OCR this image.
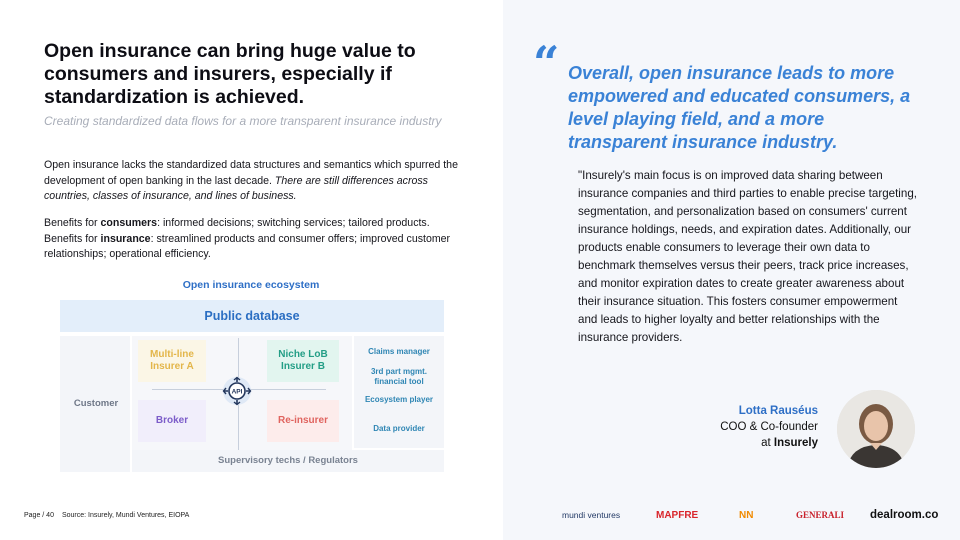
Open insurance can bring huge value to consumers and insurers, especially if standardization is achieved.
Creating standardized data flows for a more transparent insurance industry
Open insurance lacks the standardized data structures and semantics which spurred the development of open banking in the last decade. There are still differences across countries, classes of insurance, and lines of business.
Benefits for consumers: informed decisions; switching services; tailored products.
Benefits for insurance: streamlined products and consumer offers; improved customer relationships; operational efficiency.
Open insurance ecosystem
Public database
Customer
Multi-line Insurer A
Niche LoB Insurer B
Broker	Re-insurer
API
Claims manager
3rd part mgmt. financial tool
Ecosystem player
Data provider
Supervisory techs / Regulators
Page / 40 Source: Insurely, Mundi Ventures, EIOPA
“ Overall, open insurance leads to more empowered and educated consumers, a level playing field, and a more transparent insurance industry.
"Insurely's main focus is on improved data sharing between insurance companies and third parties to enable precise targeting, segmentation, and personalization based on consumers' current insurance holdings, needs, and expiration dates. Additionally, our products enable consumers to leverage their own data to benchmark themselves versus their peers, track price increases, and monitor expiration dates to create greater awareness about their insurance situation. This fosters consumer empowerment and leads to higher loyalty and better relationships with the insurance providers.
Lotta Rauséus
COO & Co-founder
at Insurely
mundi ventures	MAPFRE	NN	GENERALI dealroom.co
